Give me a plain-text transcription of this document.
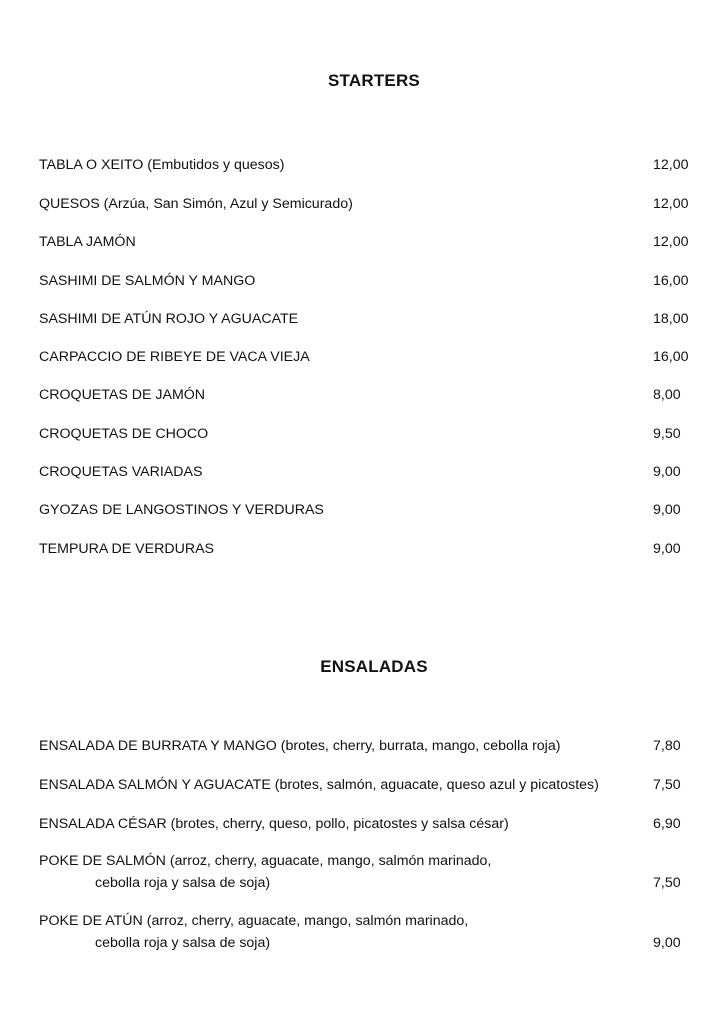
STARTERS
TABLA O XEITO (Embutidos y quesos)	12,00
QUESOS (Arzúa, San Simón, Azul y Semicurado)	12,00
TABLA JAMÓN	12,00
SASHIMI DE SALMÓN Y MANGO	16,00
SASHIMI DE ATÚN ROJO Y AGUACATE	18,00
CARPACCIO DE RIBEYE DE VACA VIEJA	16,00
CROQUETAS DE JAMÓN	8,00
CROQUETAS DE CHOCO	9,50
CROQUETAS VARIADAS	9,00
GYOZAS DE LANGOSTINOS Y VERDURAS	9,00
TEMPURA DE VERDURAS	9,00
ENSALADAS
ENSALADA DE BURRATA Y MANGO (brotes, cherry, burrata, mango, cebolla roja)	7,80
ENSALADA SALMÓN Y AGUACATE (brotes, salmón, aguacate, queso azul y picatostes)	7,50
ENSALADA CÉSAR (brotes, cherry, queso, pollo, picatostes y salsa césar)	6,90
POKE DE SALMÓN (arroz, cherry, aguacate, mango, salmón marinado,
cebolla roja y salsa de soja)	7,50
POKE DE ATÚN (arroz, cherry, aguacate, mango, salmón marinado,
cebolla roja y salsa de soja)	9,00
